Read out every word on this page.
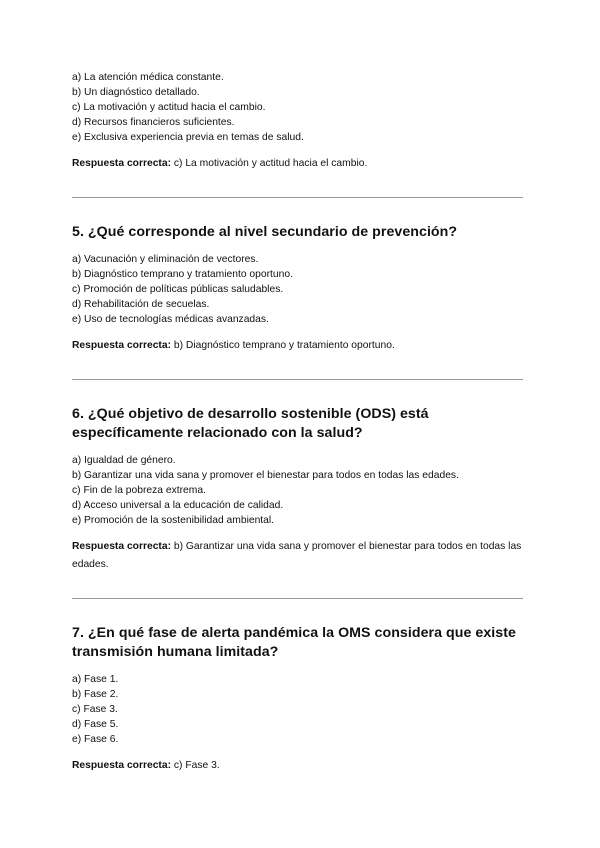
a) La atención médica constante.
b) Un diagnóstico detallado.
c) La motivación y actitud hacia el cambio.
d) Recursos financieros suficientes.
e) Exclusiva experiencia previa en temas de salud.
Respuesta correcta: c) La motivación y actitud hacia el cambio.
5. ¿Qué corresponde al nivel secundario de prevención?
a) Vacunación y eliminación de vectores.
b) Diagnóstico temprano y tratamiento oportuno.
c) Promoción de políticas públicas saludables.
d) Rehabilitación de secuelas.
e) Uso de tecnologías médicas avanzadas.
Respuesta correcta: b) Diagnóstico temprano y tratamiento oportuno.
6. ¿Qué objetivo de desarrollo sostenible (ODS) está específicamente relacionado con la salud?
a) Igualdad de género.
b) Garantizar una vida sana y promover el bienestar para todos en todas las edades.
c) Fin de la pobreza extrema.
d) Acceso universal a la educación de calidad.
e) Promoción de la sostenibilidad ambiental.
Respuesta correcta: b) Garantizar una vida sana y promover el bienestar para todos en todas las edades.
7. ¿En qué fase de alerta pandémica la OMS considera que existe transmisión humana limitada?
a) Fase 1.
b) Fase 2.
c) Fase 3.
d) Fase 5.
e) Fase 6.
Respuesta correcta: c) Fase 3.
